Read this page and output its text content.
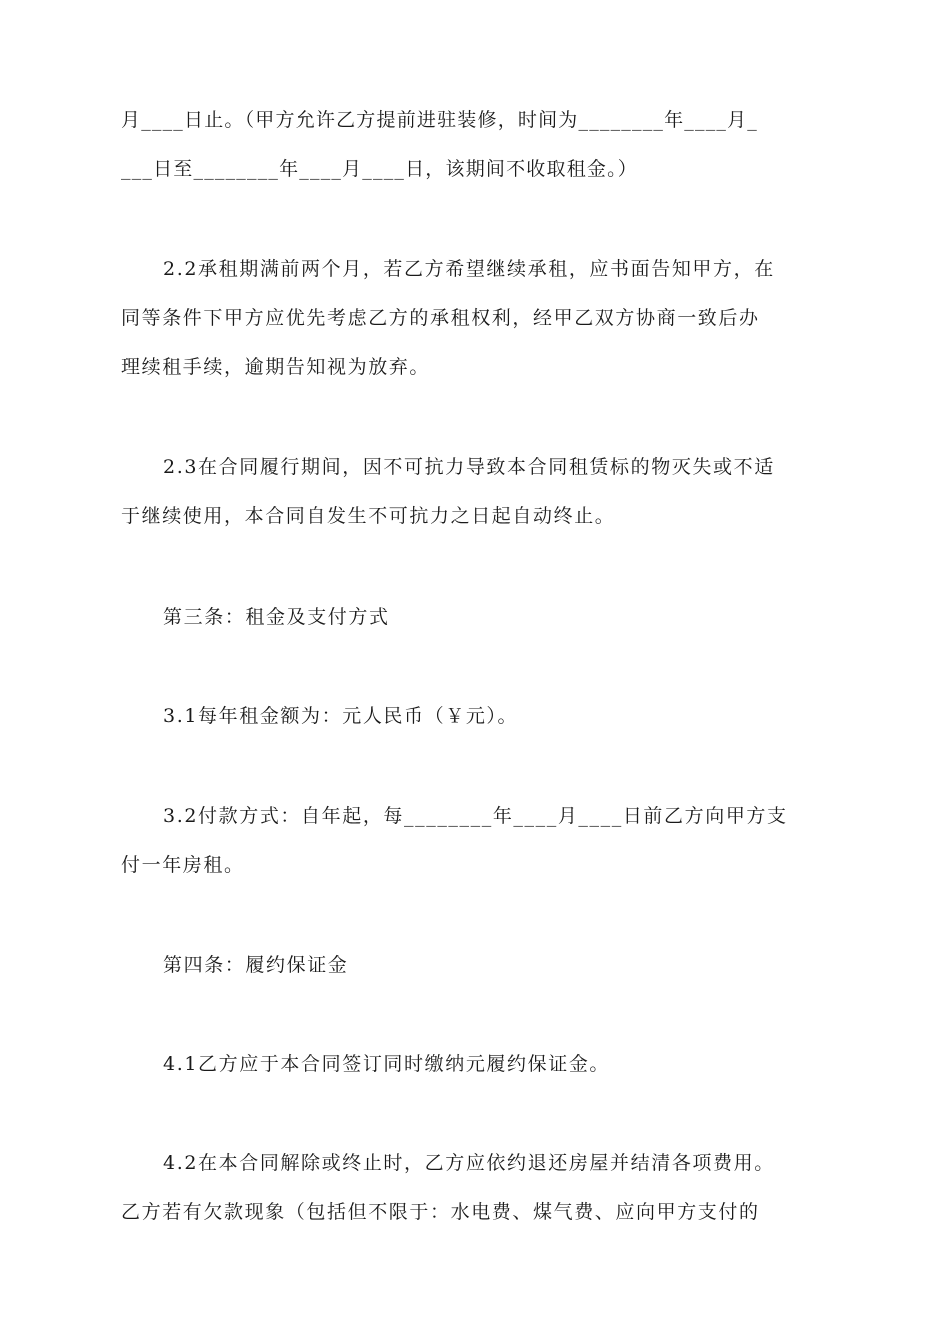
月____日止。（甲方允许乙方提前进驻装修，时间为________年____月_
___日至________年____月____日，该期间不收取租金。）
2.2承租期满前两个月，若乙方希望继续承租，应书面告知甲方，在
同等条件下甲方应优先考虑乙方的承租权利，经甲乙双方协商一致后办
理续租手续，逾期告知视为放弃。
2.3在合同履行期间，因不可抗力导致本合同租赁标的物灭失或不适
于继续使用，本合同自发生不可抗力之日起自动终止。
第三条：租金及支付方式
3.1每年租金额为：元人民币（￥元）。
3.2付款方式：自年起，每________年____月____日前乙方向甲方支
付一年房租。
第四条：履约保证金
4.1乙方应于本合同签订同时缴纳元履约保证金。
4.2在本合同解除或终止时，乙方应依约退还房屋并结清各项费用。
乙方若有欠款现象（包括但不限于：水电费、煤气费、应向甲方支付的
